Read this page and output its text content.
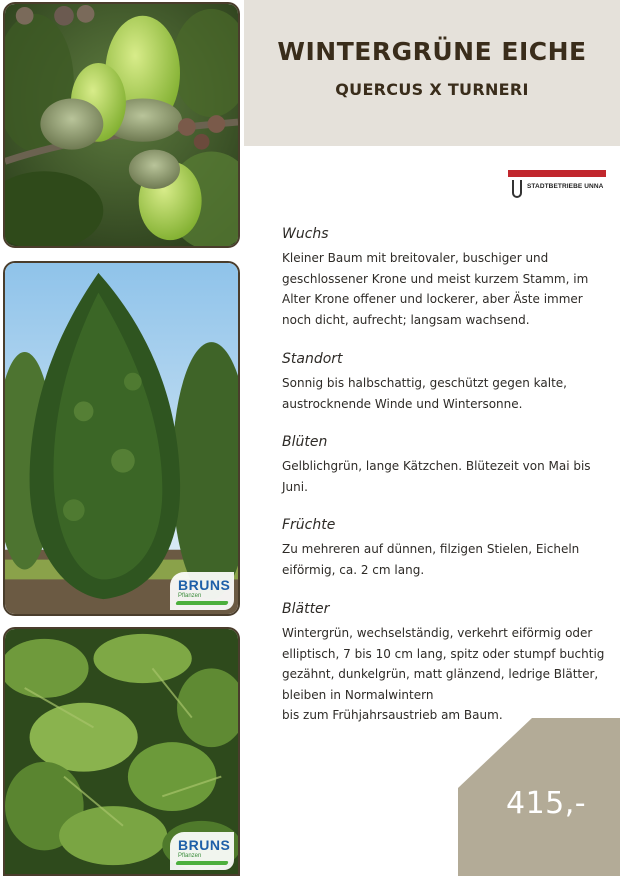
BRUNS
Pflanzen
BRUNS
Pflanzen
WINTERGRÜNE EICHE
QUERCUS X TURNERI
STADTBETRIEBE UNNA
Wuchs

Kleiner Baum mit breitovaler, buschiger und geschlossener Krone und meist kurzem Stamm, im Alter Krone offener und lockerer, aber Äste immer noch dicht, aufrecht; langsam wachsend.

Standort

Sonnig bis halbschattig, geschützt gegen kalte, austrocknende Winde und Wintersonne.

Blüten

Gelblichgrün, lange Kätzchen. Blütezeit von Mai bis Juni.

Früchte

Zu mehreren auf dünnen, filzigen Stielen, Eicheln eiförmig, ca. 2 cm lang.

Blätter

Wintergrün, wechselständig, verkehrt eiförmig oder elliptisch, 7 bis 10 cm lang, spitz oder stumpf buchtig gezähnt, dunkelgrün, matt glänzend, ledrige Blätter, bleiben in Normalwintern
bis zum Frühjahrsaustrieb am Baum.

415,-
